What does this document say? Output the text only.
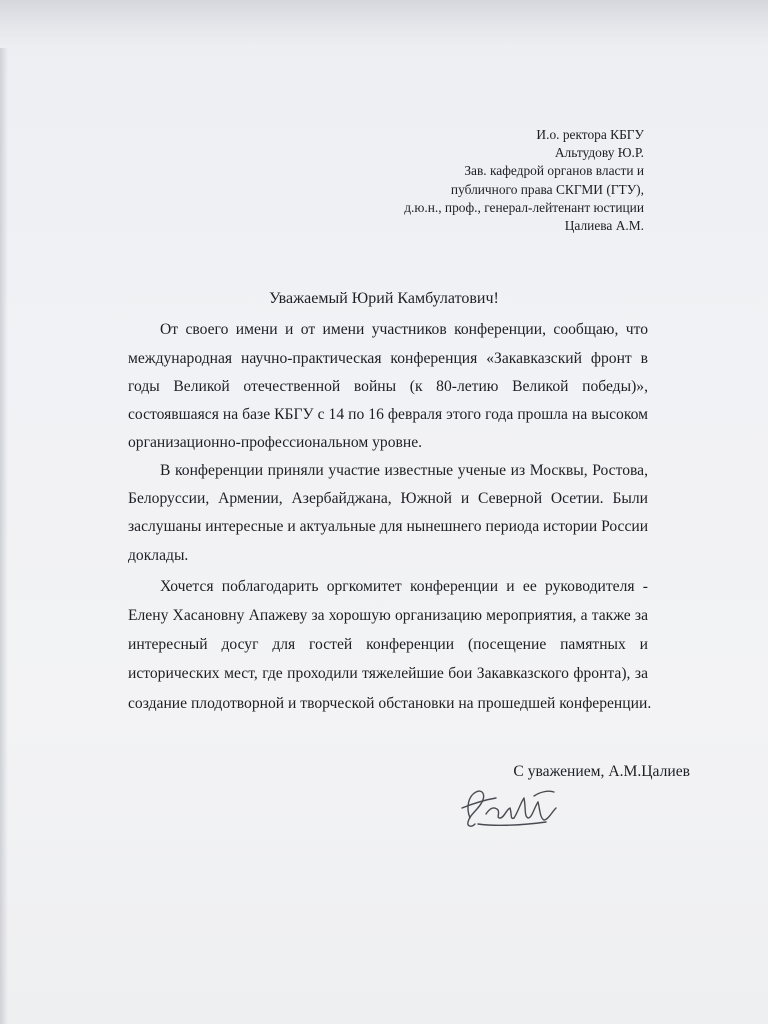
И.о. ректора КБГУ
Альтудову Ю.Р.
Зав. кафедрой органов власти и
публичного права СКГМИ (ГТУ),
д.ю.н., проф., генерал-лейтенант юстиции
Цалиева А.М.
Уважаемый Юрий Камбулатович!
От своего имени и от имени участников конференции, сообщаю, что
международная научно-практическая конференция «Закавказский фронт в
годы Великой отечественной войны (к 80-летию Великой победы)»,
состоявшаяся на базе КБГУ с 14 по 16 февраля этого года прошла на высоком
организационно-профессиональном уровне.
В конференции приняли участие известные ученые из Москвы, Ростова,
Белоруссии, Армении, Азербайджана, Южной и Северной Осетии. Были
заслушаны интересные и актуальные для нынешнего периода истории России
доклады.
Хочется поблагодарить оргкомитет конференции и ее руководителя -
Елену Хасановну Апажеву за хорошую организацию мероприятия, а также за
интересный досуг для гостей конференции (посещение памятных и
исторических мест, где проходили тяжелейшие бои Закавказского фронта), за
создание плодотворной и творческой обстановки на прошедшей конференции.
С уважением, А.М.Цалиев
